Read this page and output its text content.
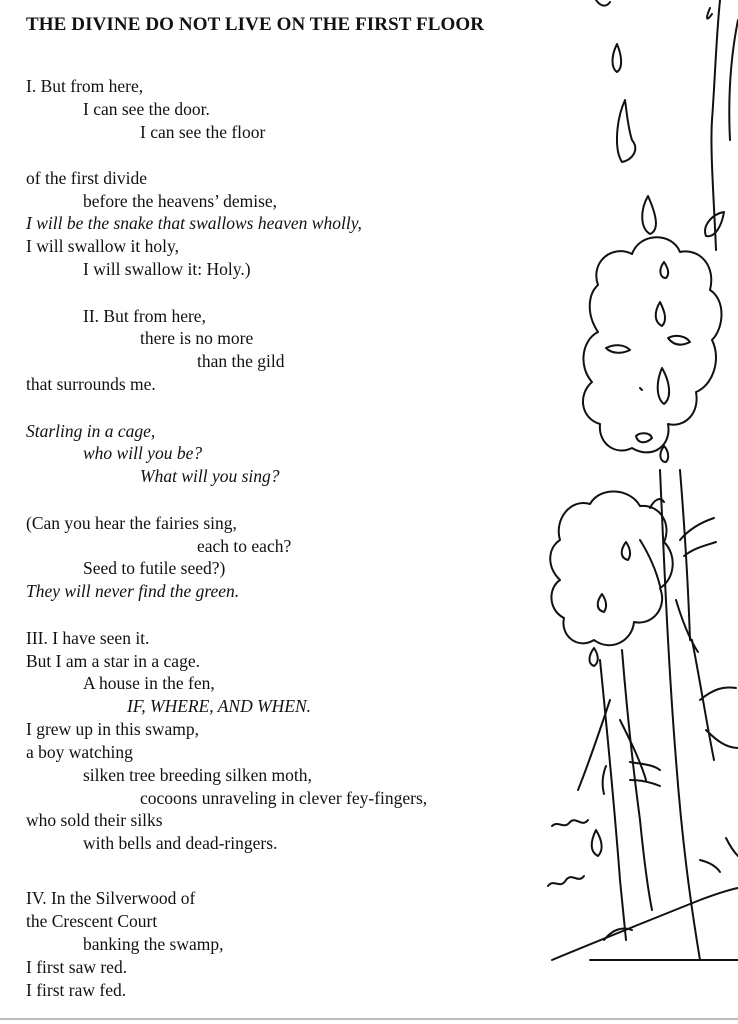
THE DIVINE DO NOT LIVE ON THE FIRST FLOOR
I. But from here,
I can see the door.
I can see the floor
of the first divide
before the heavens’ demise,
I will be the snake that swallows heaven wholly,
I will swallow it holy,
I will swallow it: Holy.)
II. But from here,
there is no more
than the gild
that surrounds me.
Starling in a cage,
who will you be?
What will you sing?
(Can you hear the fairies sing,
each to each?
Seed to futile seed?)
They will never find the green.
III. I have seen it.
But I am a star in a cage.
A house in the fen,
IF, WHERE, AND WHEN.
I grew up in this swamp,
a boy watching
silken tree breeding silken moth,
cocoons unraveling in clever fey-fingers,
who sold their silks
with bells and dead-ringers.
IV. In the Silverwood of
the Crescent Court
banking the swamp,
I first saw red.
I first raw fed.
